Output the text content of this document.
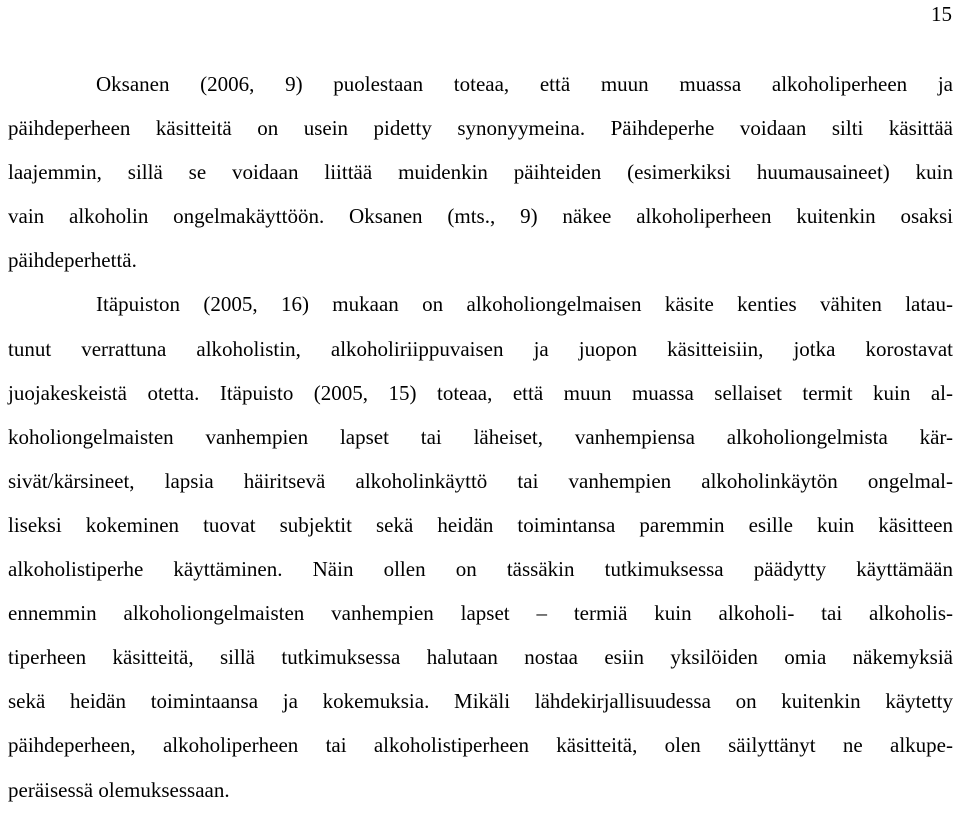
15

Oksanen (2006, 9) puolestaan toteaa, että muun muassa alkoholiperheen ja
päihdeperheen käsitteitä on usein pidetty synonyymeina. Päihdeperhe voidaan silti käsittää
laajemmin, sillä se voidaan liittää muidenkin päihteiden (esimerkiksi huumausaineet) kuin
vain alkoholin ongelmakäyttöön. Oksanen (mts., 9) näkee alkoholiperheen kuitenkin osaksi
päihdeperhettä.

Itäpuiston (2005, 16) mukaan on alkoholiongelmaisen käsite kenties vähiten latau-
tunut verrattuna alkoholistin, alkoholiriippuvaisen ja juopon käsitteisiin, jotka korostavat
juojakeskeistä otetta. Itäpuisto (2005, 15) toteaa, että muun muassa sellaiset termit kuin al-
koholiongelmaisten vanhempien lapset tai läheiset, vanhempiensa alkoholiongelmista kär-
sivät/kärsineet, lapsia häiritsevä alkoholinkäyttö tai vanhempien alkoholinkäytön ongelmal-
liseksi kokeminen tuovat subjektit sekä heidän toimintansa paremmin esille kuin käsitteen
alkoholistiperhe käyttäminen. Näin ollen on tässäkin tutkimuksessa päädytty käyttämään
ennemmin alkoholiongelmaisten vanhempien lapset – termiä kuin alkoholi- tai alkoholis-
tiperheen käsitteitä, sillä tutkimuksessa halutaan nostaa esiin yksilöiden omia näkemyksiä
sekä heidän toimintaansa ja kokemuksia. Mikäli lähdekirjallisuudessa on kuitenkin käytetty
päihdeperheen, alkoholiperheen tai alkoholistiperheen käsitteitä, olen säilyttänyt ne alkupe-
peräisessä olemuksessaan.
